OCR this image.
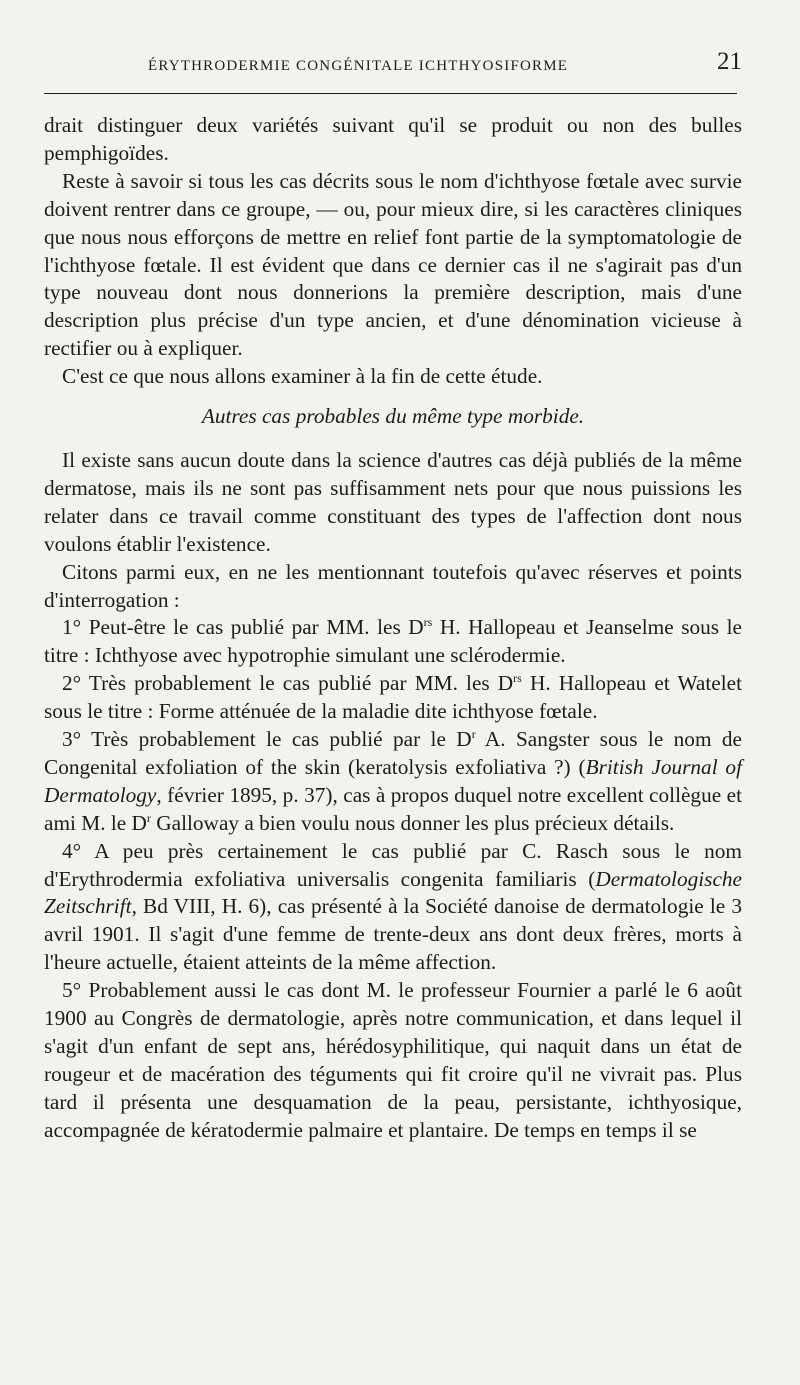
ÉRYTHRODERMIE CONGÉNITALE ICHTHYOSIFORME	21

drait distinguer deux variétés suivant qu'il se produit ou non des bulles pemphigoïdes.

Reste à savoir si tous les cas décrits sous le nom d'ichthyose fœtale avec survie doivent rentrer dans ce groupe, — ou, pour mieux dire, si les caractères cliniques que nous nous efforçons de mettre en relief font partie de la symptomatologie de l'ichthyose fœtale. Il est évident que dans ce dernier cas il ne s'agirait pas d'un type nouveau dont nous donnerions la première description, mais d'une description plus précise d'un type ancien, et d'une dénomination vicieuse à rectifier ou à expliquer.

C'est ce que nous allons examiner à la fin de cette étude.

Autres cas probables du même type morbide.

Il existe sans aucun doute dans la science d'autres cas déjà publiés de la même dermatose, mais ils ne sont pas suffisamment nets pour que nous puissions les relater dans ce travail comme constituant des types de l'affection dont nous voulons établir l'existence.

Citons parmi eux, en ne les mentionnant toutefois qu'avec réserves et points d'interrogation :

1° Peut-être le cas publié par MM. les $D^{rs}$ H. Hallopeau et Jeanselme sous le titre : Ichthyose avec hypotrophie simulant une sclérodermie.

2° Très probablement le cas publié par MM. les $D^{rs}$ H. Hallopeau et Watelet sous le titre : Forme atténuée de la maladie dite ichthyose fœtale.

3° Très probablement le cas publié par le $D^r$ A. Sangster sous le nom de Congenital exfoliation of the skin (keratolysis exfoliativa ?) (British Journal of Dermatology, février 1895, p. 37), cas à propos duquel notre excellent collègue et ami M. le $D^r$ Galloway a bien voulu nous donner les plus précieux détails.

4° A peu près certainement le cas publié par C. Rasch sous le nom d'Erythrodermia exfoliativa universalis congenita familiaris (Dermatologische Zeitschrift, Bd VIII, H. 6), cas présenté à la Société danoise de dermatologie le 3 avril 1901. Il s'agit d'une femme de trente-deux ans dont deux frères, morts à l'heure actuelle, étaient atteints de la même affection.

5° Probablement aussi le cas dont M. le professeur Fournier a parlé le 6 août 1900 au Congrès de dermatologie, après notre communication, et dans lequel il s'agit d'un enfant de sept ans, hérédosyphilitique, qui naquit dans un état de rougeur et de macération des téguments qui fit croire qu'il ne vivrait pas. Plus tard il présenta une desquamation de la peau, persistante, ichthyosique, accompagnée de kératodermie palmaire et plantaire. De temps en temps il se
